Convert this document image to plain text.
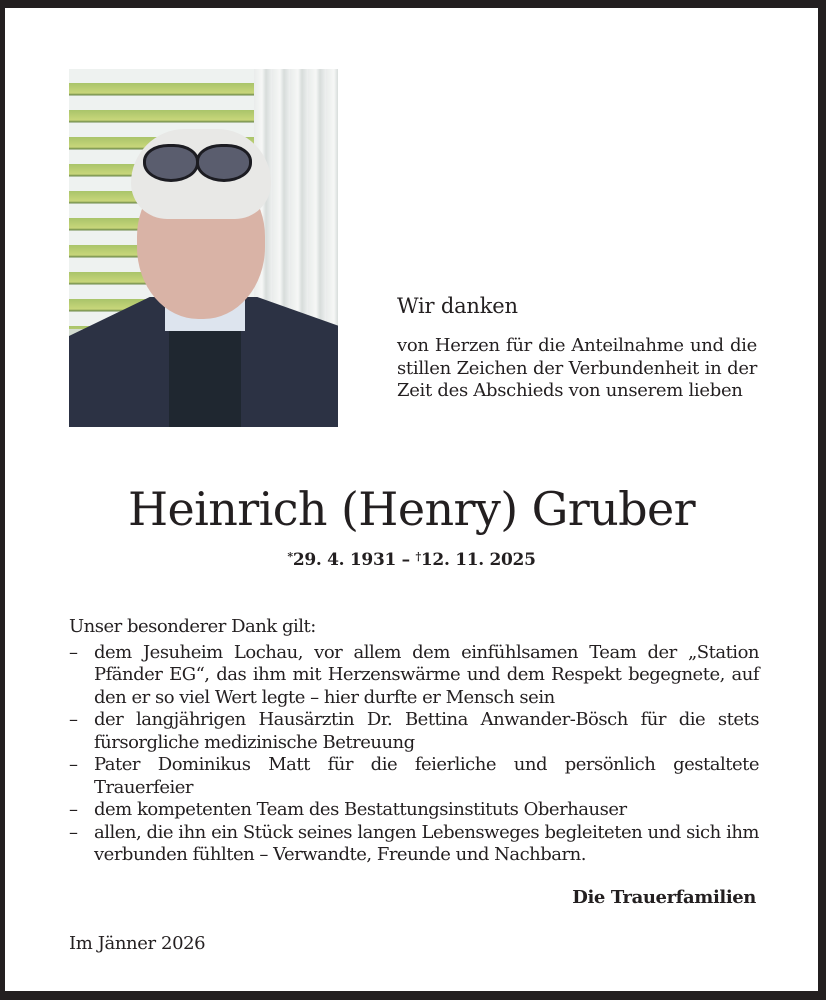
Wir danken

von Herzen für die Anteilnahme und die stillen Zeichen der Verbundenheit in der Zeit des Abschieds von unserem lieben

Heinrich (Henry) Gruber
*29. 4. 1931 – †12. 11. 2025

Unser besonderer Dank gilt:

– dem Jesuheim Lochau, vor allem dem einfühlsamen Team der „Station Pfänder EG“, das ihm mit Herzenswärme und dem Respekt begegnete, auf den er so viel Wert legte – hier durfte er Mensch sein
– der langjährigen Hausärztin Dr. Bettina Anwander-Bösch für die stets fürsorgliche medizinische Betreuung
– Pater Dominikus Matt für die feierliche und persönlich gestaltete Trauerfeier
– dem kompetenten Team des Bestattungsinstituts Oberhauser
– allen, die ihn ein Stück seines langen Lebensweges begleiteten und sich ihm verbunden fühlten – Verwandte, Freunde und Nachbarn.
Die Trauerfamilien
Im Jänner 2026
